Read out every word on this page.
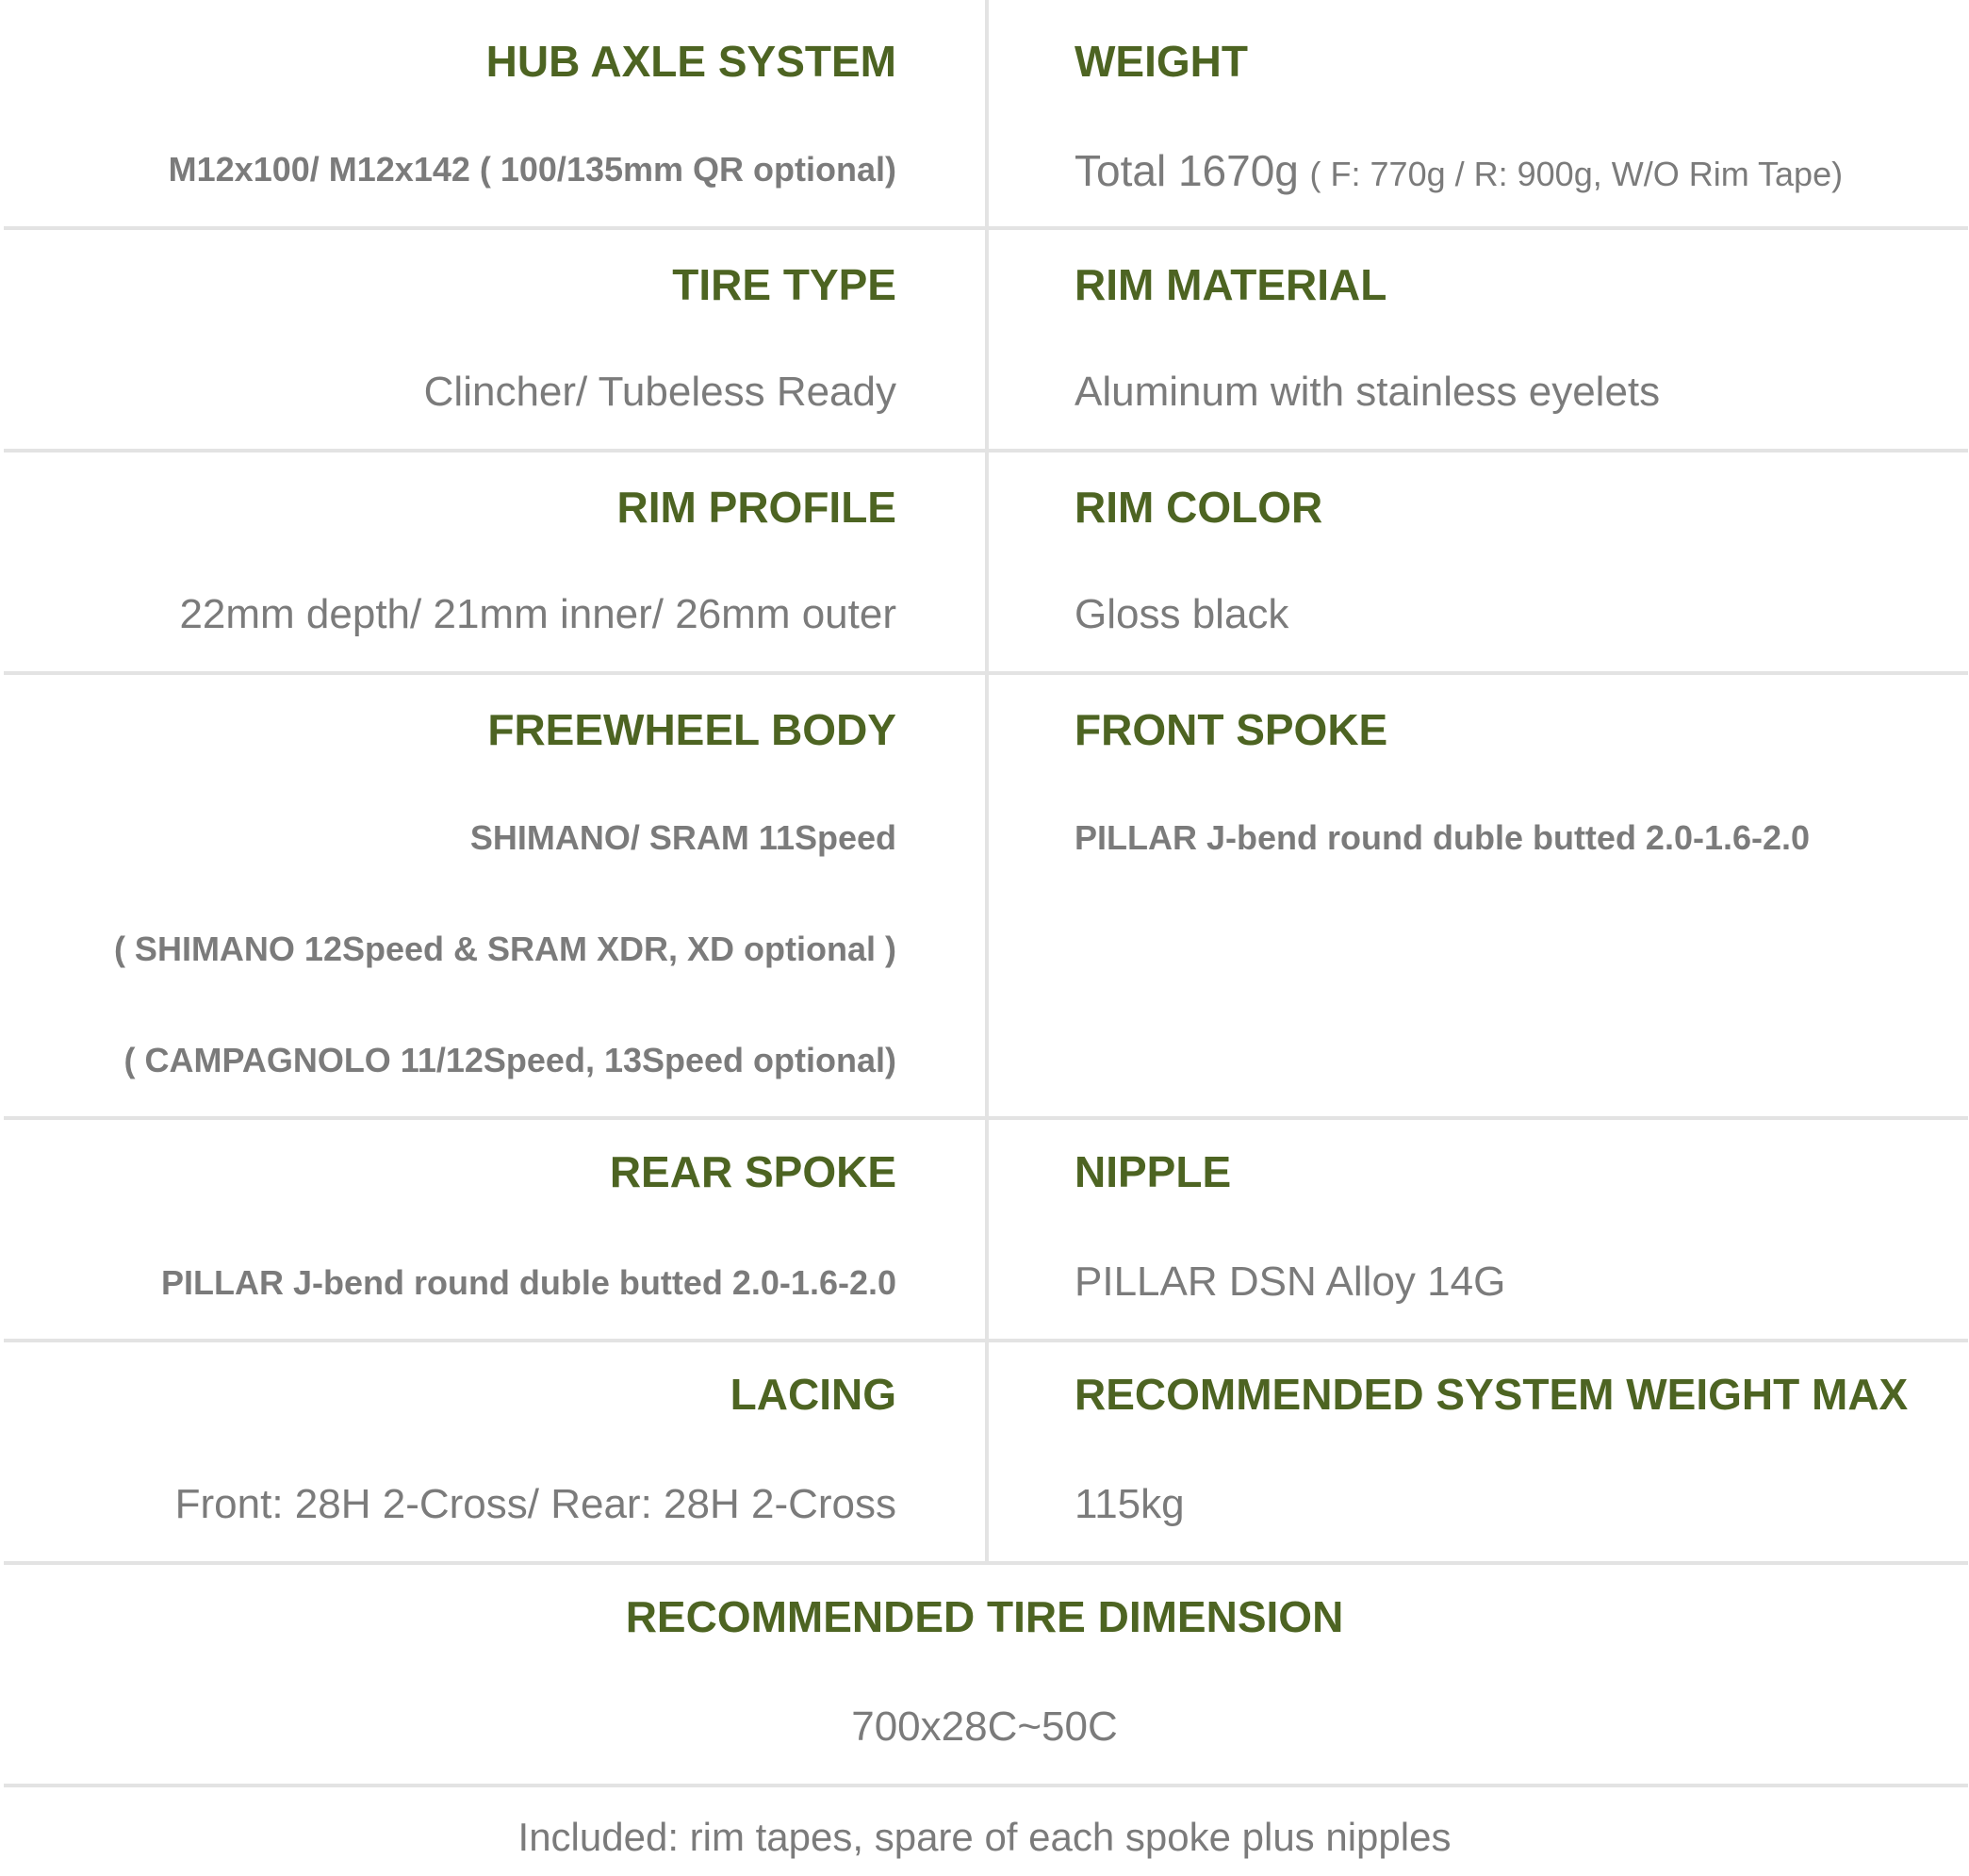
HUB AXLE SYSTEM
M12x100/ M12x142 ( 100/135mm QR optional)
WEIGHT
Total 1670g ( F: 770g / R: 900g, W/O Rim Tape)
TIRE TYPE
Clincher/ Tubeless Ready
RIM MATERIAL
Aluminum with stainless eyelets
RIM PROFILE
22mm depth/ 21mm inner/ 26mm outer
RIM COLOR
Gloss black
FREEWHEEL BODY
SHIMANO/ SRAM 11Speed
( SHIMANO 12Speed & SRAM XDR, XD optional )
( CAMPAGNOLO 11/12Speed, 13Speed optional)
FRONT SPOKE
PILLAR J-bend round duble butted 2.0-1.6-2.0
REAR SPOKE
PILLAR J-bend round duble butted 2.0-1.6-2.0
NIPPLE
PILLAR DSN Alloy 14G
LACING
Front: 28H 2-Cross/ Rear: 28H 2-Cross
RECOMMENDED SYSTEM WEIGHT MAX
115kg
RECOMMENDED TIRE DIMENSION
700x28C~50C
Included: rim tapes, spare of each spoke plus nipples
